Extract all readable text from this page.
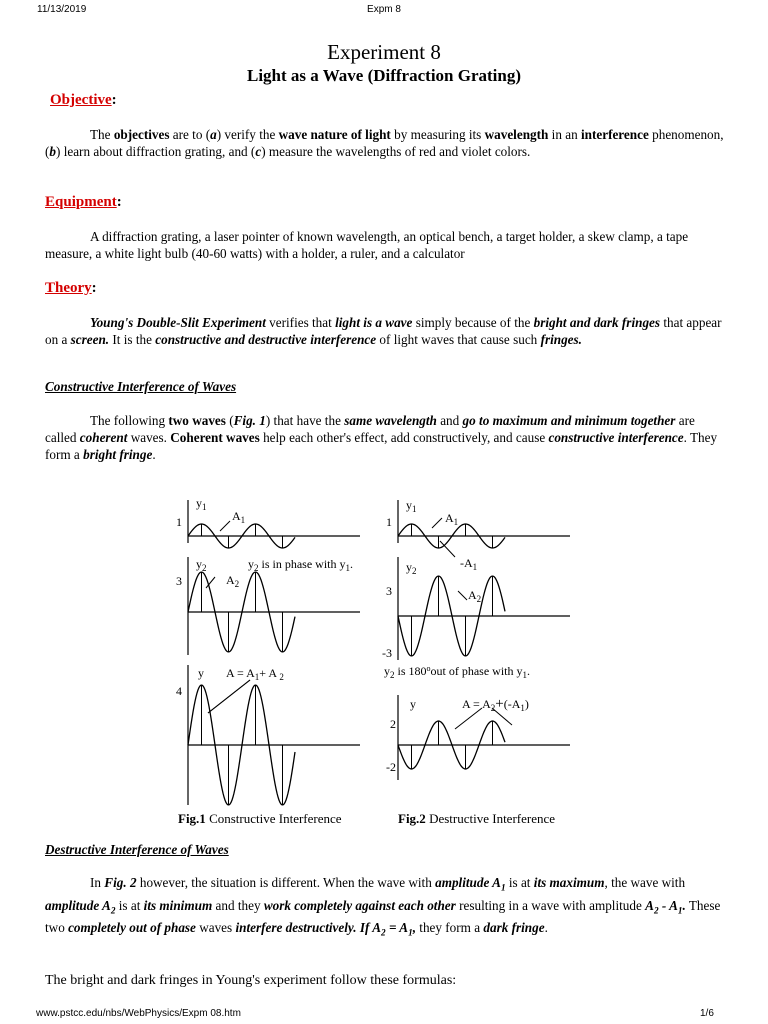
11/13/2019	Expm 8
www.pstcc.edu/nbs/WebPhysics/Expm 08.htm	1/6
Experiment 8
Light as a Wave (Diffraction Grating)
Objective:
The objectives are to (a) verify the wave nature of light by measuring its wavelength in an interference phenomenon, (b) learn about diffraction grating, and (c) measure the wavelengths of red and violet colors.
Equipment:
A diffraction grating, a laser pointer of known wavelength, an optical bench, a target holder, a skew clamp, a tape measure, a white light bulb (40-60 watts) with a holder, a ruler, and a calculator
Theory:
Young's Double-Slit Experiment verifies that light is a wave simply because of the bright and dark fringes that appear on a screen. It is the constructive and destructive interference of light waves that cause such fringes.
Constructive Interference of Waves
The following two waves (Fig. 1) that have the same wavelength and go to maximum and minimum together are called coherent waves. Coherent waves help each other's effect, add constructively, and cause constructive interference. They form a bright fringe.
$y_1$
$A_1$
1
$y_2$	$y_2$ is in phase with $y_1$.
$A_2$
3
y $A = A_1+ A$ $_2$
4
Fig.1 Constructive Interference
$y_1$
$A_1$
1
$-A_1$
$y_2$
$A_2$
3
-3
$y_2$ is 180$^o$out of phase with $y_1$.
y	$A = A_2+(-A_1)$
2
-2
Fig.2 Destructive Interference
Destructive Interference of Waves
In Fig. 2 however, the situation is different. When the wave with amplitude $A_1$ is at its maximum, the wave with amplitude $A_2$ is at its minimum and they work completely against each other resulting in a wave with amplitude $A_2 - A_1$. These two completely out of phase waves interfere destructively. If $A_2 = A_1$, they form a dark fringe.
The bright and dark fringes in Young's experiment follow these formulas:
